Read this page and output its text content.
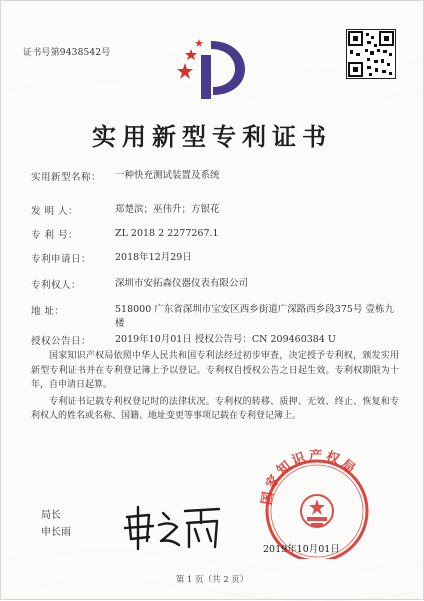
证书号第9438542号
实用新型专利证书
实用新型名称：	一种快充测试装置及系统
发 明 人：	郑楚滨；巫伟升；方银花
专 利 号：	ZL 2018 2 2277267.1
专利申请日：	2018年12月29日
专利权人：	深圳市安拓森仪器仪表有限公司
地 址：	518000 广东省深圳市宝安区西乡街道广深路西乡段375号 壹栋九楼
授权公告日：	2019年10月01日 授权公告号：CN 209460384 U

国家知识产权局依照中华人民共和国专利法经过初步审查，决定授予专利权，颁发实用新型专利证书并在专利登记簿上予以登记。专利权自授权公告之日起生效。专利权期限为十年，自申请日起算。

专利证书记载专利权登记时的法律状况。专利权的转移、质押、无效、终止、恢复和专利权人的姓名或名称、国籍、地址变更等事项记载在专利登记簿上。

局长
申长雨
国家知识产权局
2019年10月01日
第 1 页（共 2 页）
